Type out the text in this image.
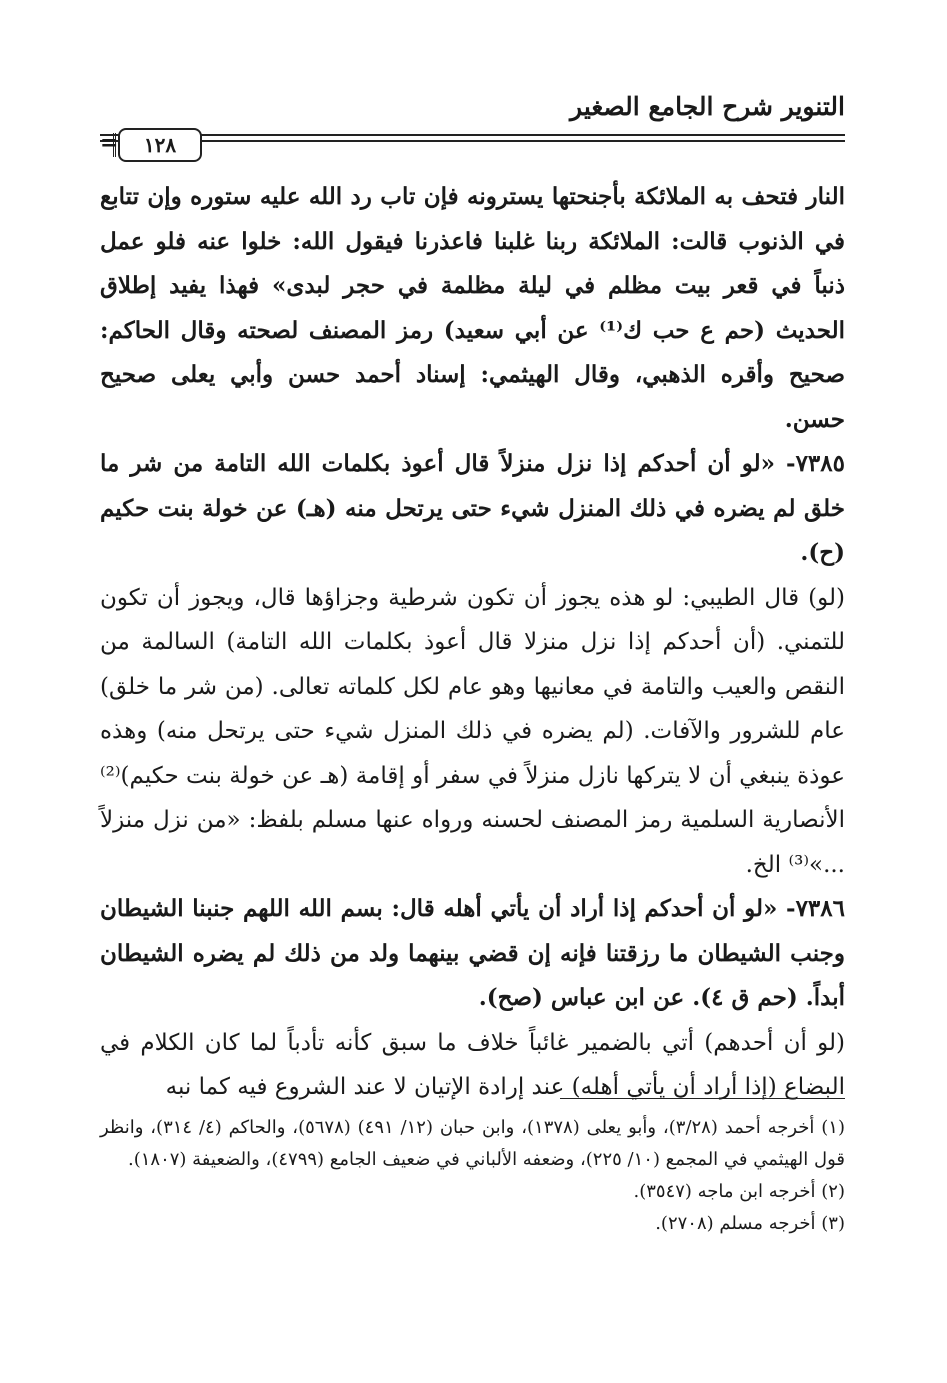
التنوير شرح الجامع الصغير
١٢٨
=

النار فتحف به الملائكة بأجنحتها يسترونه فإن تاب رد الله عليه ستوره وإن تتابع في الذنوب قالت: الملائكة ربنا غلبنا فاعذرنا فيقول الله: خلوا عنه فلو عمل ذنباً في قعر بيت مظلم في ليلة مظلمة في حجر لبدى» فهذا يفيد إطلاق الحديث (حم ع حب ك⁽¹⁾ عن أبي سعيد) رمز المصنف لصحته وقال الحاكم: صحيح وأقره الذهبي، وقال الهيثمي: إسناد أحمد حسن وأبي يعلى صحيح حسن.

٧٣٨٥- «لو أن أحدكم إذا نزل منزلاً قال أعوذ بكلمات الله التامة من شر ما خلق لم يضره في ذلك المنزل شيء حتى يرتحل منه (هـ) عن خولة بنت حكيم (ح).

(لو) قال الطيبي: لو هذه يجوز أن تكون شرطية وجزاؤها قال، ويجوز أن تكون للتمني. (أن أحدكم إذا نزل منزلا قال أعوذ بكلمات الله التامة) السالمة من النقص والعيب والتامة في معانيها وهو عام لكل كلماته تعالى. (من شر ما خلق) عام للشرور والآفات. (لم يضره في ذلك المنزل شيء حتى يرتحل منه) وهذه عوذة ينبغي أن لا يتركها نازل منزلاً في سفر أو إقامة (هـ عن خولة بنت حكيم)⁽²⁾ الأنصارية السلمية رمز المصنف لحسنه ورواه عنها مسلم بلفظ: «من نزل منزلاً ...»⁽³⁾ الخ.

٧٣٨٦- «لو أن أحدكم إذا أراد أن يأتي أهله قال: بسم الله اللهم جنبنا الشيطان وجنب الشيطان ما رزقتنا فإنه إن قضي بينهما ولد من ذلك لم يضره الشيطان أبداً. (حم ق ٤). عن ابن عباس (صح).

(لو أن أحدهم) أتي بالضمير غائباً خلاف ما سبق كأنه تأدباً لما كان الكلام في البضاع (إذا أراد أن يأتي أهله) عند إرادة الإتيان لا عند الشروع فيه كما نبه

(١) أخرجه أحمد (٣/٢٨)، وأبو يعلى (١٣٧٨)، وابن حبان (١٢/ ٤٩١) (٥٦٧٨)، والحاكم (٤/ ٣١٤)، وانظر قول الهيثمي في المجمع (١٠/ ٢٢٥)، وضعفه الألباني في ضعيف الجامع (٤٧٩٩)، والضعيفة (١٨٠٧).

(٢) أخرجه ابن ماجه (٣٥٤٧).

(٣) أخرجه مسلم (٢٧٠٨).
